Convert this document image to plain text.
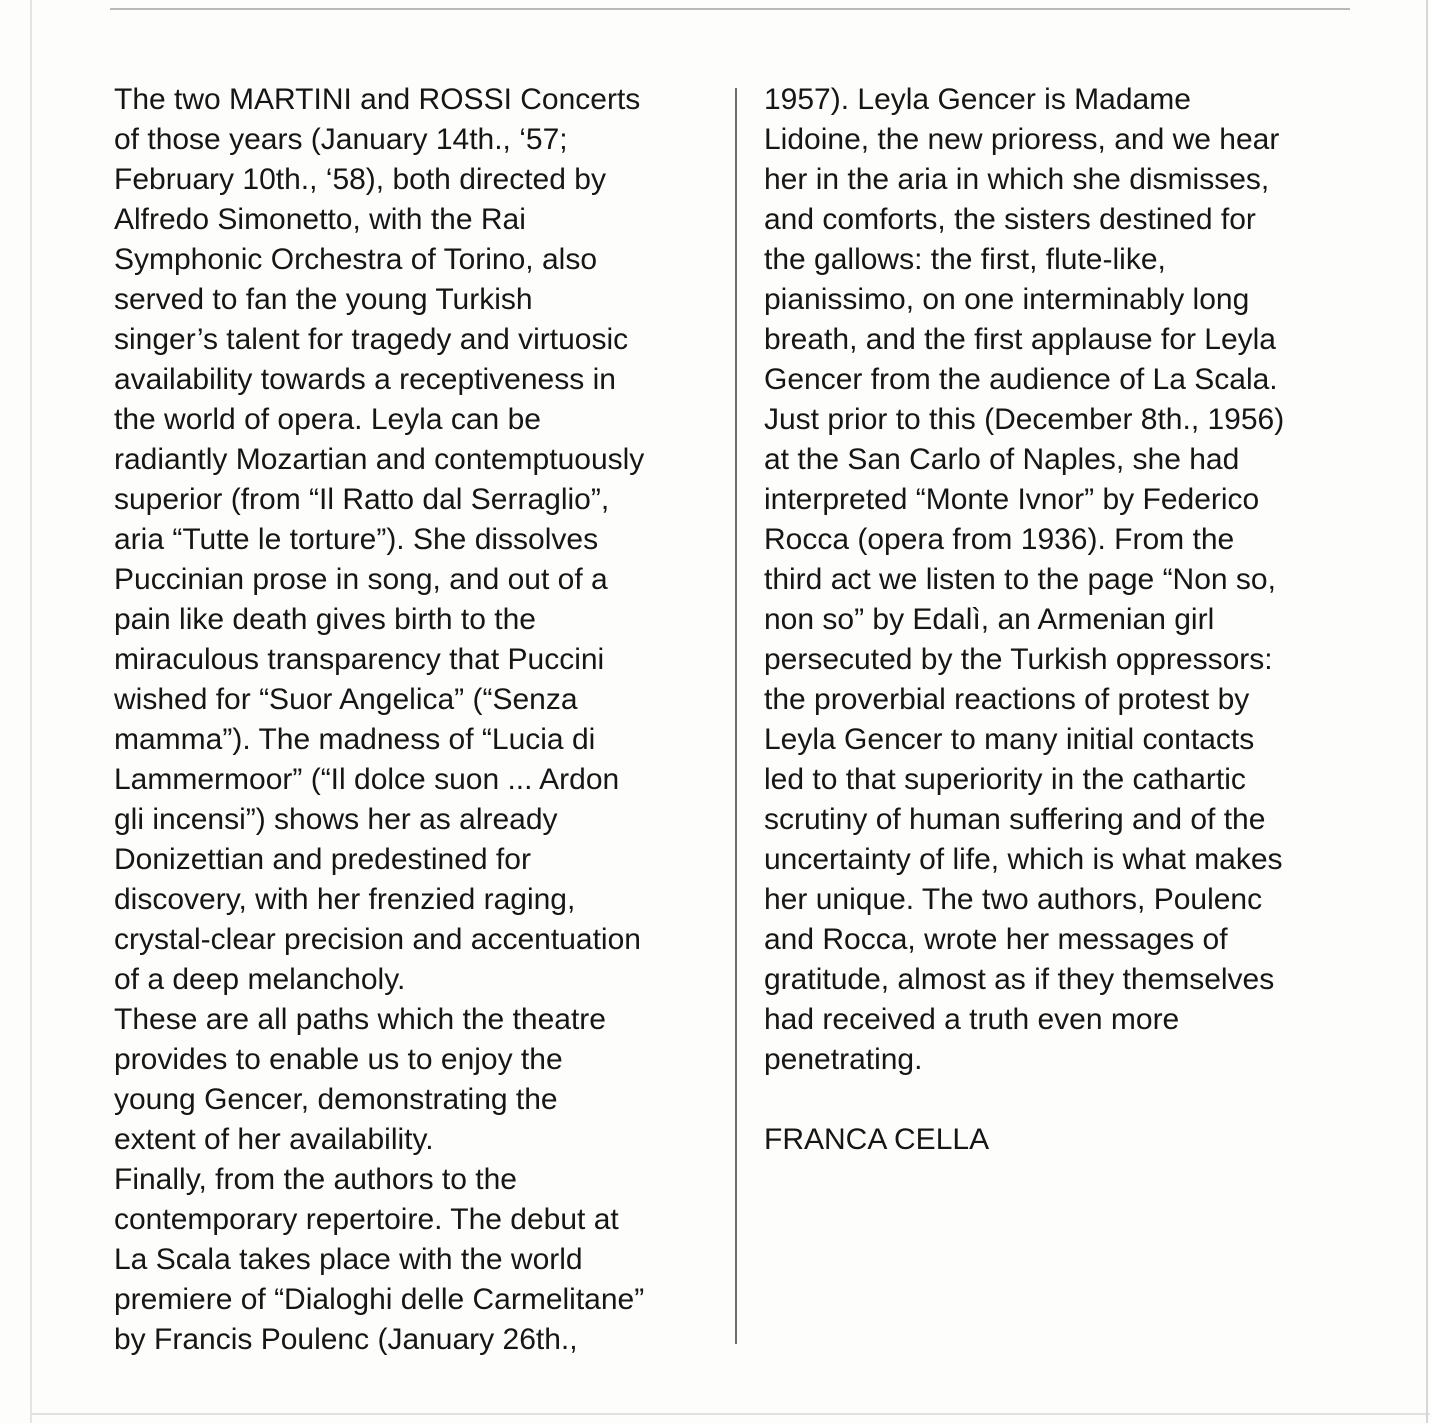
The two MARTINI and ROSSI Concerts
of those years (January 14th., ‘57;
February 10th., ‘58), both directed by
Alfredo Simonetto, with the Rai
Symphonic Orchestra of Torino, also
served to fan the young Turkish
singer’s talent for tragedy and virtuosic
availability towards a receptiveness in
the world of opera. Leyla can be
radiantly Mozartian and contemptuously
superior (from “Il Ratto dal Serraglio”,
aria “Tutte le torture”). She dissolves
Puccinian prose in song, and out of a
pain like death gives birth to the
miraculous transparency that Puccini
wished for “Suor Angelica” (“Senza
mamma”). The madness of “Lucia di
Lammermoor” (“Il dolce suon ... Ardon
gli incensi”) shows her as already
Donizettian and predestined for
discovery, with her frenzied raging,
crystal-clear precision and accentuation
of a deep melancholy.
These are all paths which the theatre
provides to enable us to enjoy the
young Gencer, demonstrating the
extent of her availability.
Finally, from the authors to the
contemporary repertoire. The debut at
La Scala takes place with the world
premiere of “Dialoghi delle Carmelitane”
by Francis Poulenc (January 26th.,
1957). Leyla Gencer is Madame
Lidoine, the new prioress, and we hear
her in the aria in which she dismisses,
and comforts, the sisters destined for
the gallows: the first, flute-like,
pianissimo, on one interminably long
breath, and the first applause for Leyla
Gencer from the audience of La Scala.
Just prior to this (December 8th., 1956)
at the San Carlo of Naples, she had
interpreted “Monte Ivnor” by Federico
Rocca (opera from 1936). From the
third act we listen to the page “Non so,
non so” by Edalì, an Armenian girl
persecuted by the Turkish oppressors:
the proverbial reactions of protest by
Leyla Gencer to many initial contacts
led to that superiority in the cathartic
scrutiny of human suffering and of the
uncertainty of life, which is what makes
her unique. The two authors, Poulenc
and Rocca, wrote her messages of
gratitude, almost as if they themselves
had received a truth even more
penetrating.
FRANCA CELLA
